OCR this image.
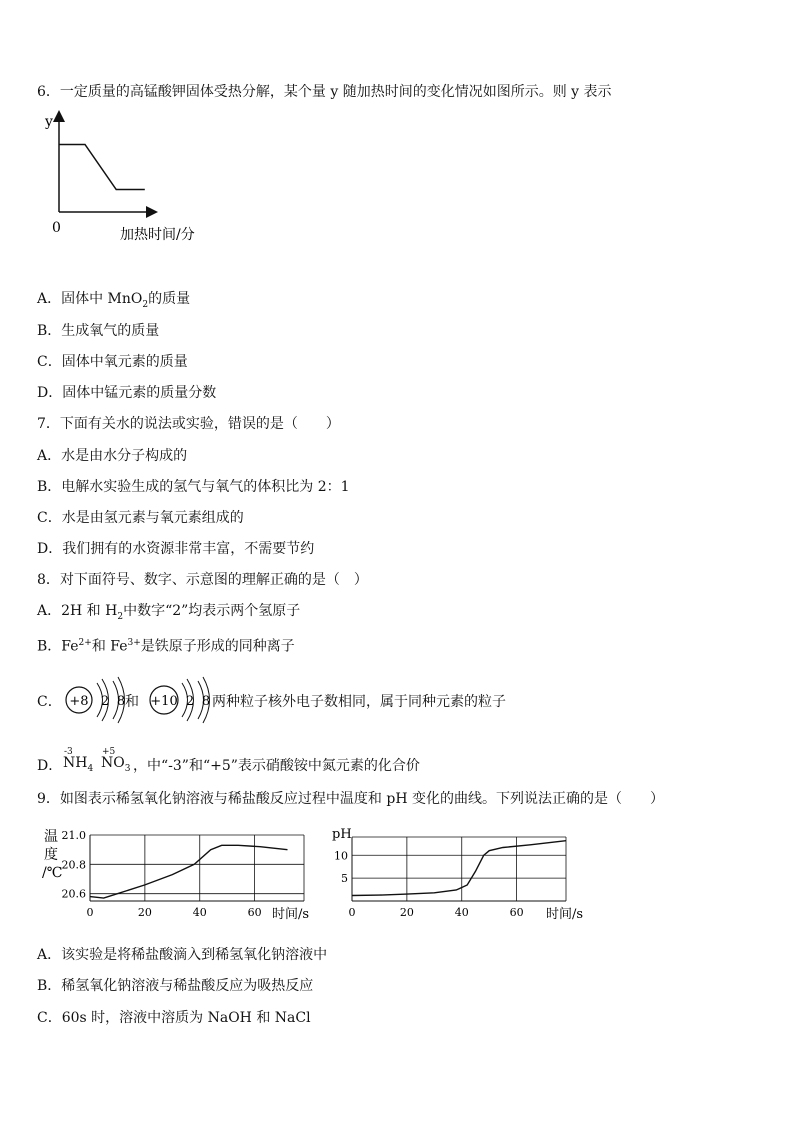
6．一定质量的高锰酸钾固体受热分解，某个量 y 随加热时间的变化情况如图所示。则 y 表示
y
0	加热时间/分
A．固体中 MnO$_2$的质量
B．生成氧气的质量
C．固体中氧元素的质量
D．固体中锰元素的质量分数
7．下面有关水的说法或实验，错误的是（　　）
A．水是由水分子构成的
B．电解水实验生成的氢气与氧气的体积比为 2：1
C．水是由氢元素与氧元素组成的
D．我们拥有的水资源非常丰富，不需要节约
8．对下面符号、数字、示意图的理解正确的是（　）
A．2H 和 $H_2$中数字“2”均表示两个氢原子
B．$Fe^{2+}$和 $Fe^{3+}$是铁原子形成的同种离子
C． +8 2 8 和 +10 2 8 两种粒子核外电子数相同，属于同种元素的粒子
D．
-3
$NH_4$
+5
$NO_3$ ，中“-3”和“+5”表示硝酸铵中氮元素的化合价
9．如图表示稀氢氧化钠溶液与稀盐酸反应过程中温度和 pH 变化的曲线。下列说法正确的是（　　）
0	20	40	60
20.6
20.8
21.0
温
度
/℃
时间/s	0	20	40	60
5
10
pH
时间/s
A．该实验是将稀盐酸滴入到稀氢氧化钠溶液中
B．稀氢氧化钠溶液与稀盐酸反应为吸热反应
C．60s 时，溶液中溶质为 NaOH 和 NaCl
